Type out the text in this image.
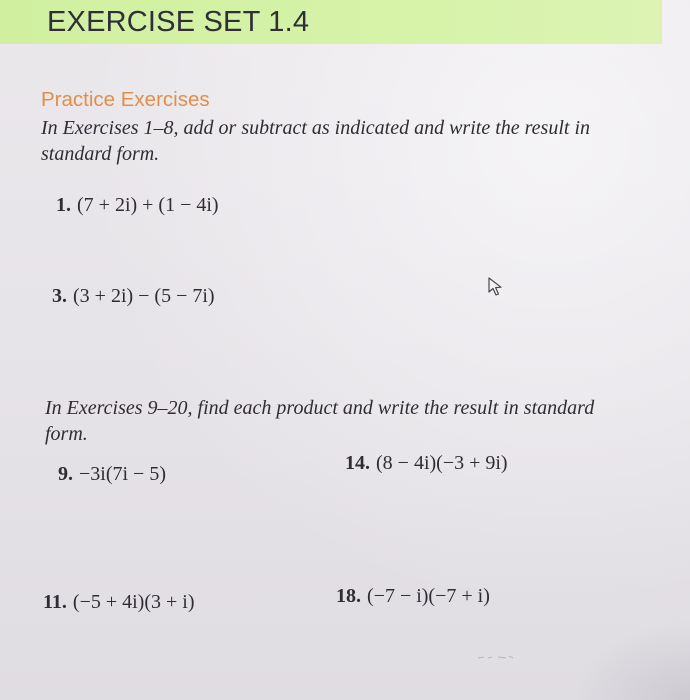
EXERCISE SET 1.4
Practice Exercises
In Exercises 1–8, add or subtract as indicated and write the result in standard form.
1. (7 + 2i) + (1 − 4i)
3. (3 + 2i) − (5 − 7i)
In Exercises 9–20, find each product and write the result in standard form.
9. −3i(7i − 5)	14. (8 − 4i)(−3 + 9i)
11. (−5 + 4i)(3 + i)	18. (−7 − i)(−7 + i)
